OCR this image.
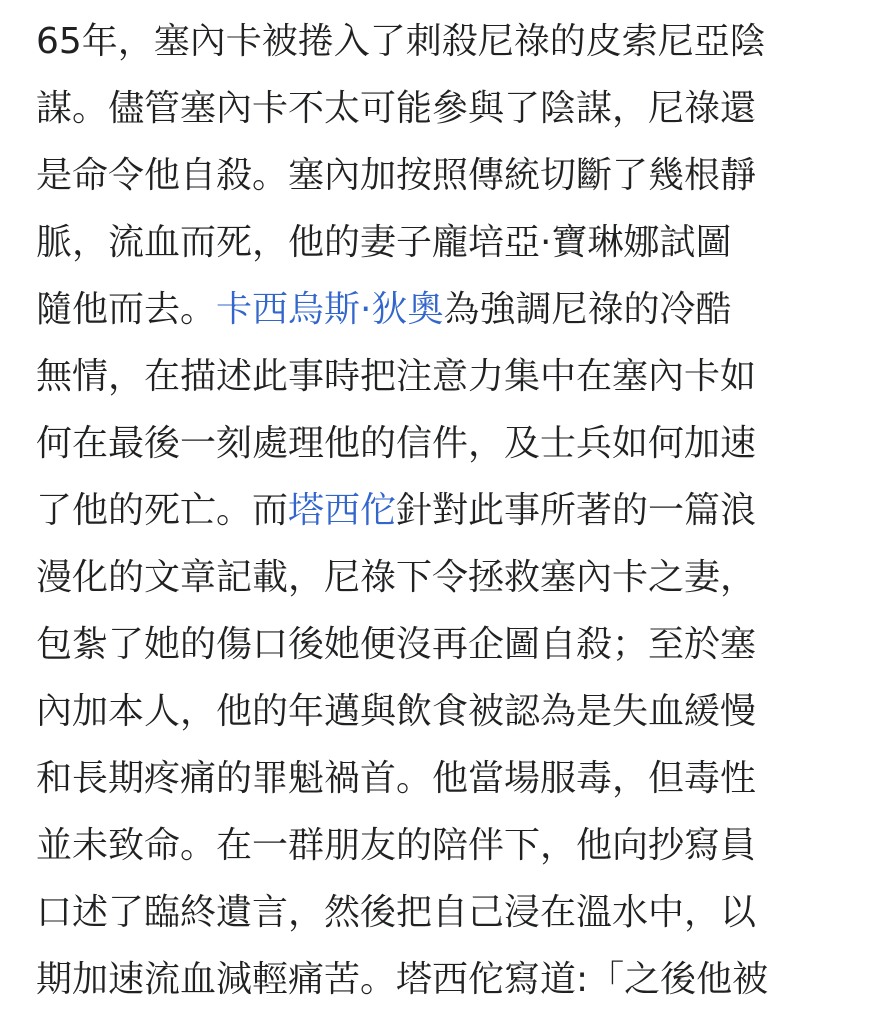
65年，塞內卡被捲入了刺殺尼祿的皮索尼亞陰
謀。儘管塞內卡不太可能參與了陰謀，尼祿還
是命令他自殺。塞內加按照傳統切斷了幾根靜
脈，流血而死，他的妻子龐培亞·寶琳娜試圖
隨他而去。卡西烏斯·狄奧為強調尼祿的冷酷
無情，在描述此事時把注意力集中在塞內卡如
何在最後一刻處理他的信件，及士兵如何加速
了他的死亡。而塔西佗針對此事所著的一篇浪
漫化的文章記載，尼祿下令拯救塞內卡之妻，
包紮了她的傷口後她便沒再企圖自殺；至於塞
內加本人，他的年邁與飲食被認為是失血緩慢
和長期疼痛的罪魁禍首。他當場服毒，但毒性
並未致命。在一群朋友的陪伴下，他向抄寫員
口述了臨終遺言，然後把自己浸在溫水中，以
期加速流血減輕痛苦。塔西佗寫道:「之後他被
